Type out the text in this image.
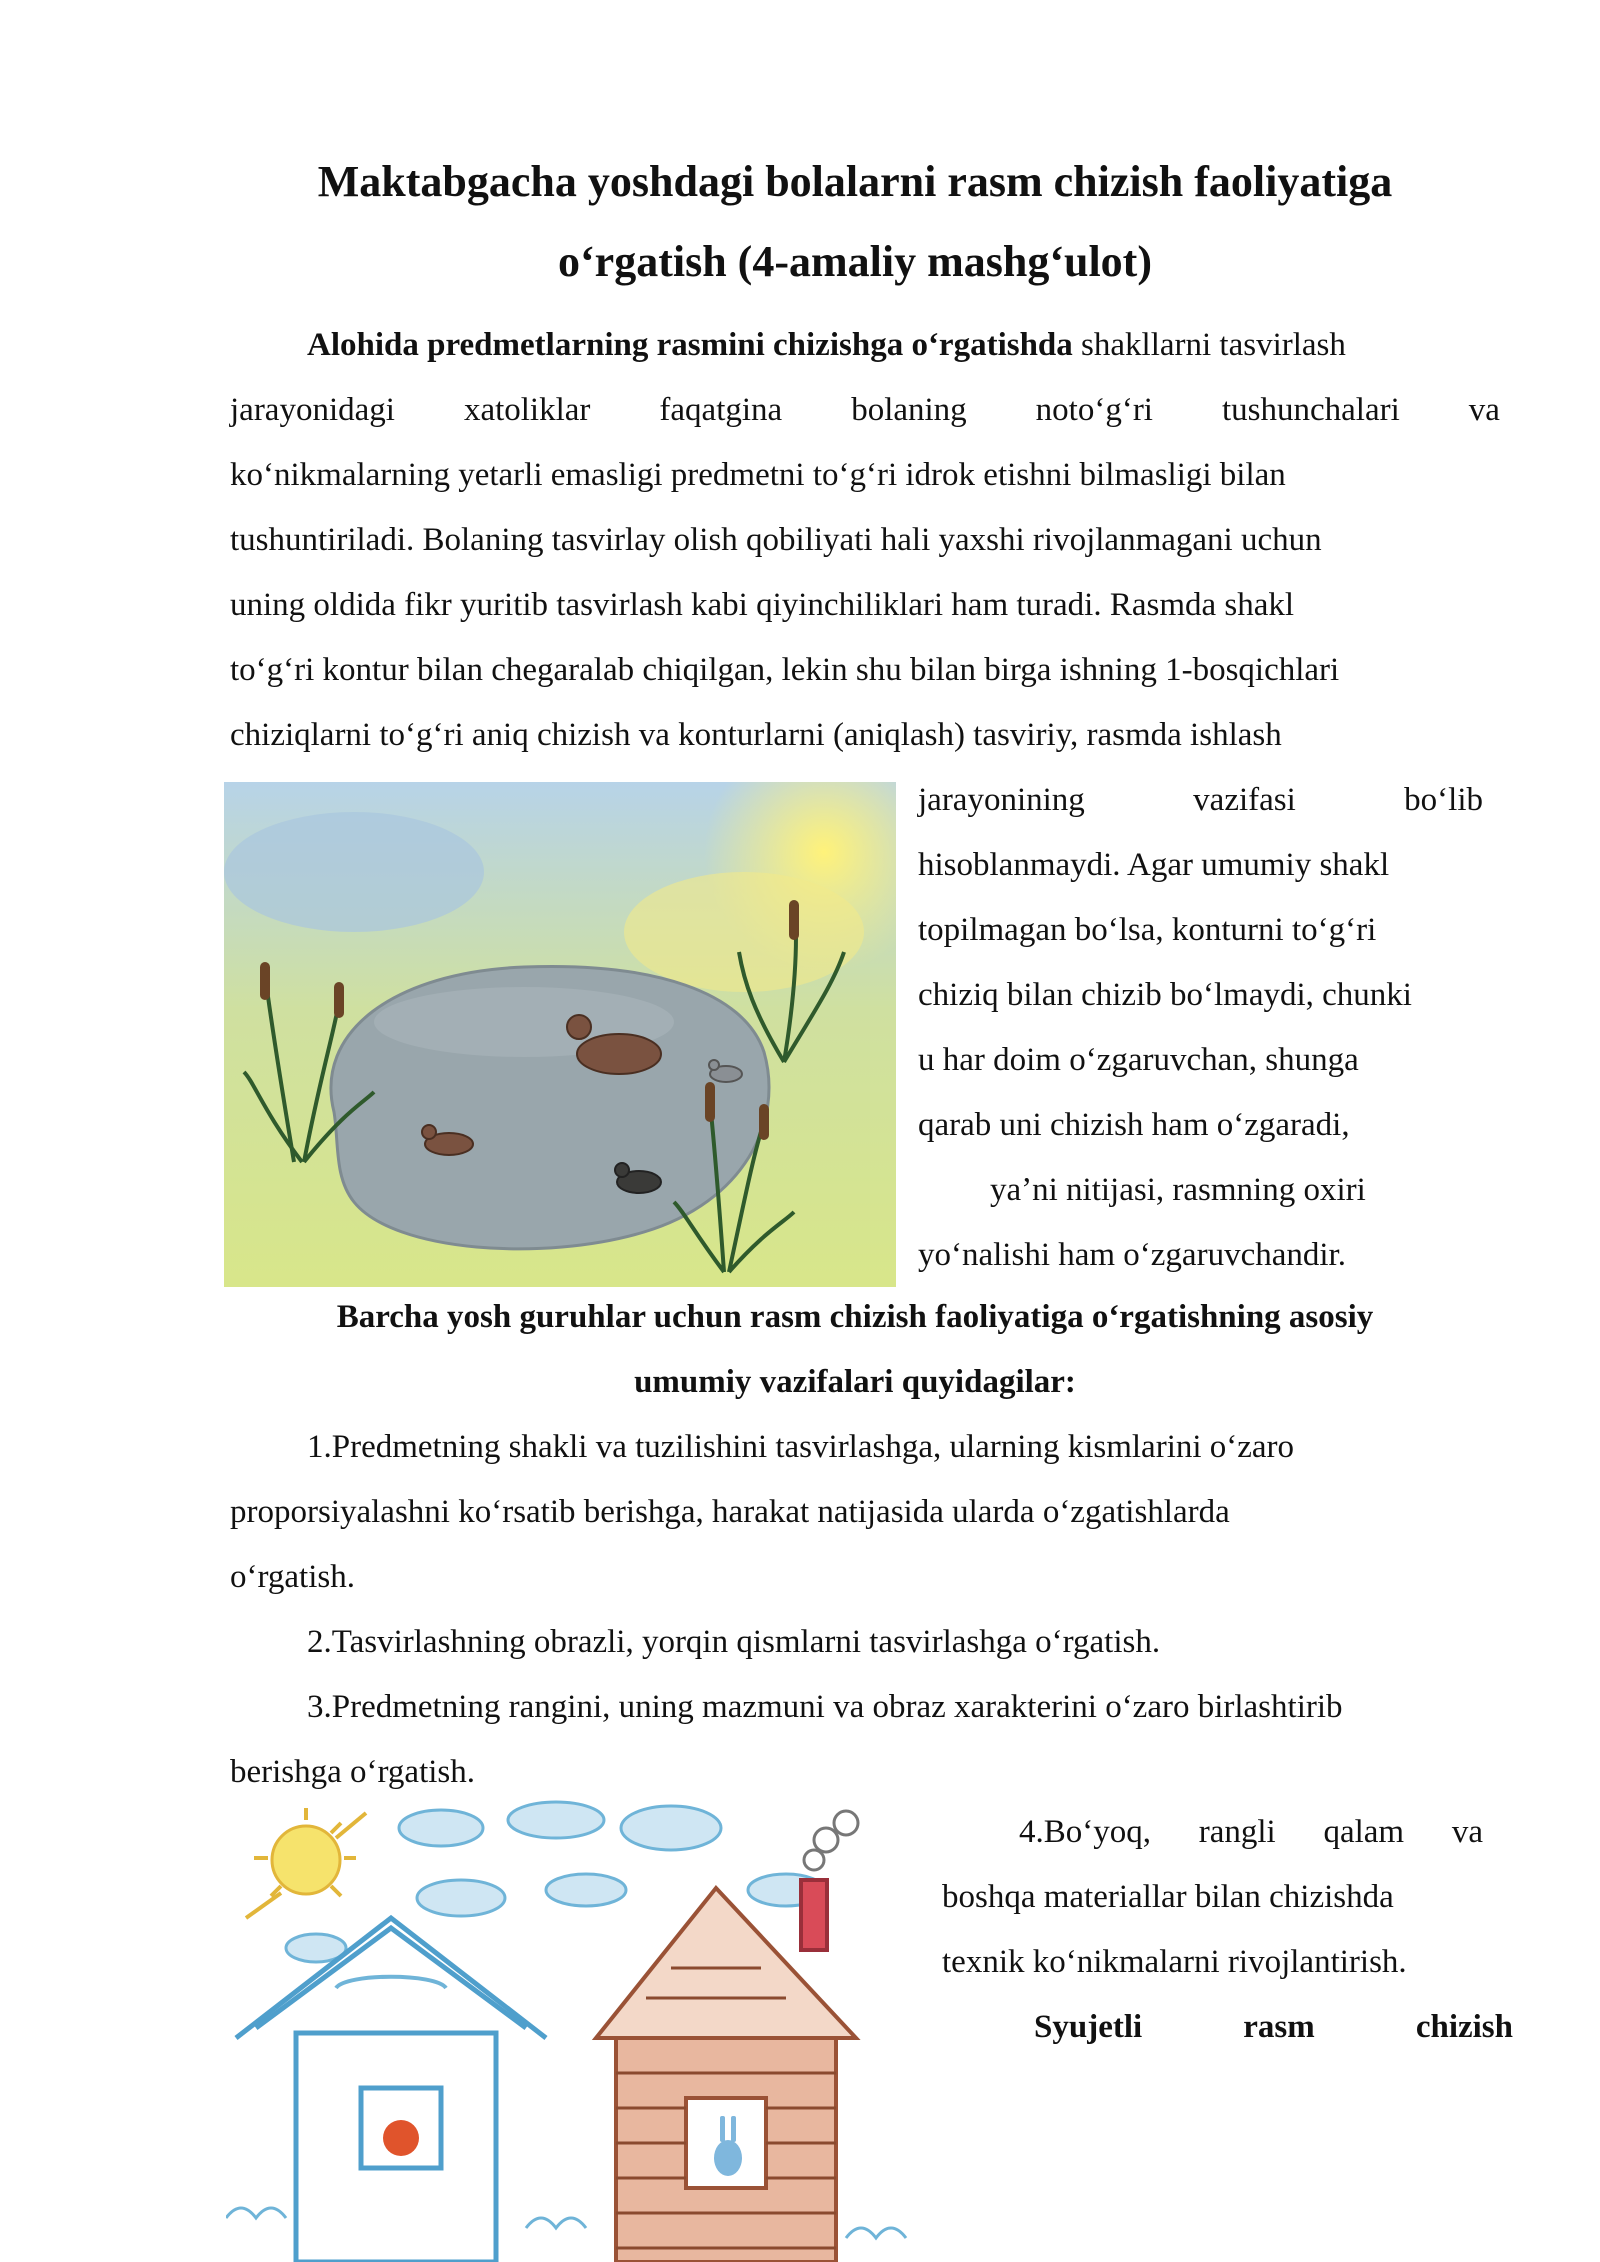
Maktabgacha yoshdagi bolalarni rasm chizish faoliyatiga
oʻrgatish (4-amaliy mashgʻulot)
Alohida predmetlarning rasmini chizishga oʻrgatishda shakllarni tasvirlash
jarayonidagi xatoliklar faqatgina bolaning notoʻgʻri tushunchalari va
koʻnikmalarning yetarli emasligi predmetni toʻgʻri idrok etishni bilmasligi bilan
tushuntiriladi. Bolaning tasvirlay olish qobiliyati hali yaxshi rivojlanmagani uchun
uning oldida fikr yuritib tasvirlash kabi qiyinchiliklari ham turadi. Rasmda shakl
toʻgʻri kontur bilan chegaralab chiqilgan, lekin shu bilan birga ishning 1-bosqichlari
chiziqlarni toʻgʻri aniq chizish va konturlarni (aniqlash) tasviriy, rasmda ishlash
jarayonining	vazifasi	boʻlib
hisoblanmaydi. Agar umumiy shakl
topilmagan boʻlsa, konturni toʻgʻri
chiziq bilan chizib boʻlmaydi, chunki
u har doim oʻzgaruvchan, shunga
qarab uni chizish ham oʻzgaradi,
yaʼni nitijasi, rasmning oxiri
yoʻnalishi ham oʻzgaruvchandir.
Barcha yosh guruhlar uchun rasm chizish faoliyatiga oʻrgatishning asosiy
umumiy vazifalari quyidagilar:
1.Predmetning shakli va tuzilishini tasvirlashga, ularning kismlarini oʻzaro
proporsiyalashni koʻrsatib berishga, harakat natijasida ularda oʻzgatishlarda
oʻrgatish.
2.Tasvirlashning obrazli, yorqin qismlarni tasvirlashga oʻrgatish.
3.Predmetning rangini, uning mazmuni va obraz xarakterini oʻzaro birlashtirib
berishga oʻrgatish.
4.Boʻyoq, rangli qalam va
boshqa materiallar bilan chizishda
texnik koʻnikmalarni rivojlantirish.
Syujetli	rasm	chizish
